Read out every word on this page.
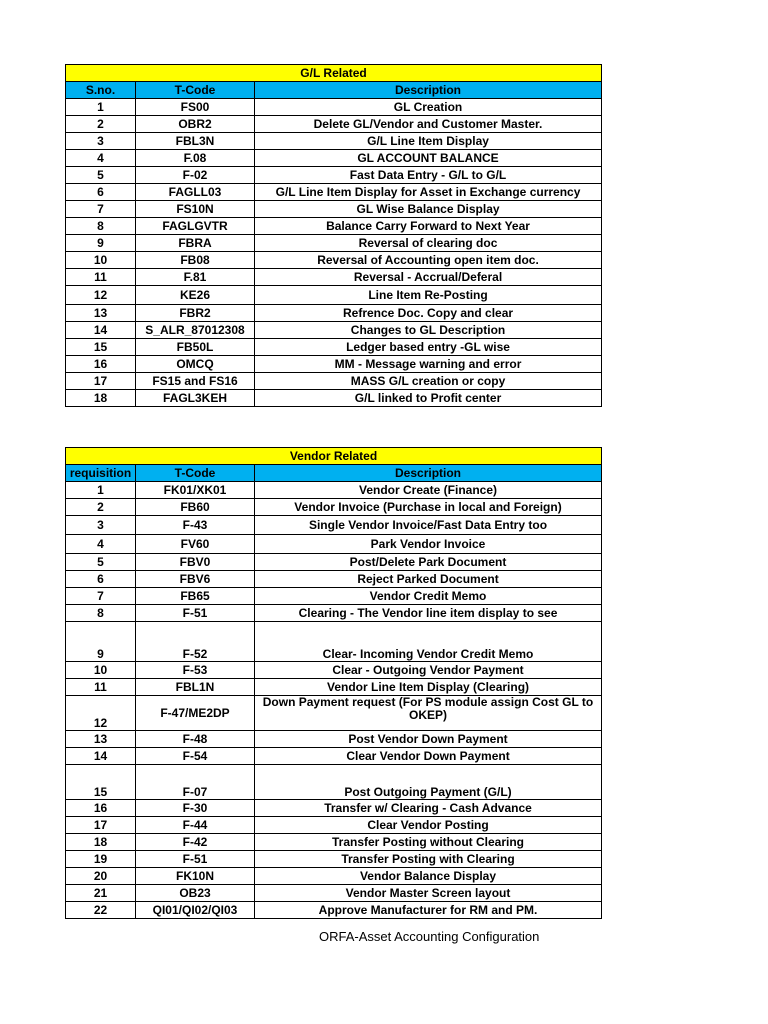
G/L Related		
S.no.	T-Code	Description
1	FS00	GL Creation
2	OBR2	Delete GL/Vendor and Customer Master.
3	FBL3N	G/L Line Item Display
4	F.08	GL ACCOUNT BALANCE
5	F-02	Fast Data Entry - G/L to G/L
6	FAGLL03	G/L Line Item Display for Asset in Exchange currency
7	FS10N	GL Wise Balance Display
8	FAGLGVTR	Balance Carry Forward to Next Year
9	FBRA	Reversal of clearing doc
10	FB08	Reversal of Accounting open item doc.
11	F.81	Reversal - Accrual/Deferal
12	KE26	Line Item Re-Posting
13	FBR2	Refrence Doc. Copy and clear
14	S_ALR_87012308	Changes to GL Description
15	FB50L	Ledger based entry -GL wise
16	OMCQ	MM - Message warning and error
17	FS15 and FS16	MASS G/L creation or copy
18	FAGL3KEH	G/L linked to Profit center
Vendor Related		
requisition	T-Code	Description
1	FK01/XK01	Vendor Create (Finance)
2	FB60	Vendor Invoice (Purchase in local and Foreign)
3	F-43	Single Vendor Invoice/Fast Data Entry too
4	FV60	Park Vendor Invoice
5	FBV0	Post/Delete Park Document
6	FBV6	Reject Parked Document
7	FB65	Vendor Credit Memo
8	F-51	Clearing - The Vendor line item display to see
9	F-52	Clear- Incoming Vendor Credit Memo
10	F-53	Clear - Outgoing Vendor Payment
11	FBL1N	Vendor Line Item Display (Clearing)
12	F-47/ME2DP	Down Payment request (For PS module assign Cost GL to OKEP)
13	F-48	Post Vendor Down Payment
14	F-54	Clear Vendor Down Payment
15	F-07	Post Outgoing Payment (G/L)
16	F-30	Transfer w/ Clearing - Cash Advance
17	F-44	Clear Vendor Posting
18	F-42	Transfer Posting without Clearing
19	F-51	Transfer Posting with Clearing
20	FK10N	Vendor Balance Display
21	OB23	Vendor Master Screen layout
22	QI01/QI02/QI03	Approve Manufacturer for RM and PM.
ORFA-Asset Accounting Configuration
